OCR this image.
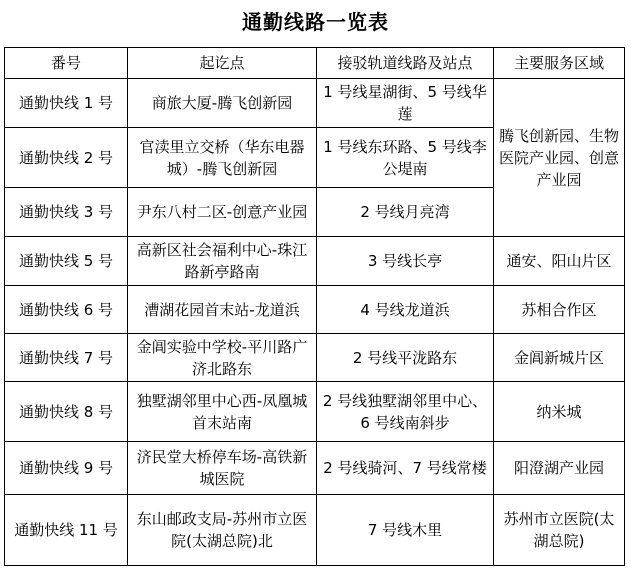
通勤线路一览表
番号	起讫点	接驳轨道线路及站点	主要服务区域
通勤快线 1 号	商旅大厦-腾飞创新园	1 号线星湖街、5 号线华莲	腾飞创新园、生物医院产业园、创意产业园
通勤快线 2 号	官渎里立交桥（华东电器城）-腾飞创新园	1 号线东环路、5 号线李公堤南	
通勤快线 3 号	尹东八村二区-创意产业园	2 号线月亮湾	
通勤快线 5 号	高新区社会福利中心-珠江路新亭路南	3 号线长亭	通安、阳山片区
通勤快线 6 号	漕湖花园首末站-龙道浜	4 号线龙道浜	苏相合作区
通勤快线 7 号	金阊实验中学校-平川路广济北路东	2 号线平泷路东	金阊新城片区
通勤快线 8 号	独墅湖邻里中心西-凤凰城首末站南	2 号线独墅湖邻里中心、6 号线南斜步	纳米城
通勤快线 9 号	济民堂大桥停车场-高铁新城医院	2 号线骑河、7 号线常楼	阳澄湖产业园
通勤快线 11 号	东山邮政支局-苏州市立医院(太湖总院)北	7 号线木里	苏州市立医院(太湖总院)
